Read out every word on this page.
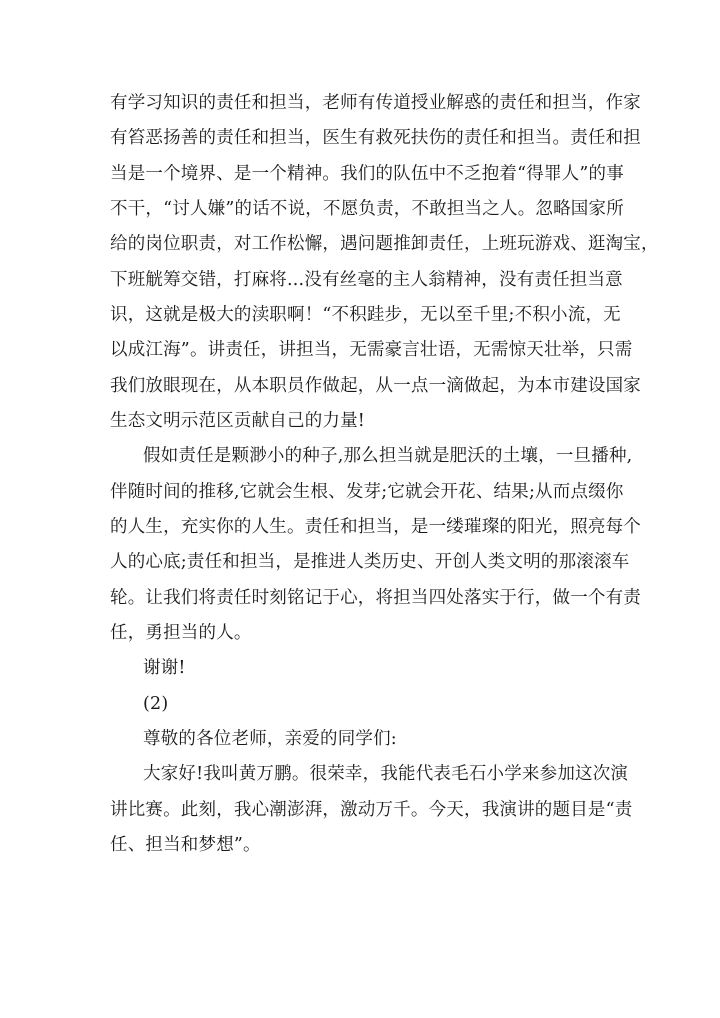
有学习知识的责任和担当，老师有传道授业解惑的责任和担当，作家
有笞恶扬善的责任和担当，医生有救死扶伤的责任和担当。责任和担
当是一个境界、是一个精神。我们的队伍中不乏抱着“得罪人”的事
不干，“讨人嫌”的话不说，不愿负责，不敢担当之人。忽略国家所
给的岗位职责，对工作松懈，遇问题推卸责任，上班玩游戏、逛淘宝，
下班觥筹交错，打麻将...没有丝毫的主人翁精神，没有责任担当意
识，这就是极大的渎职啊！“不积跬步，无以至千里;不积小流，无
以成江海”。讲责任，讲担当，无需豪言壮语，无需惊天壮举，只需
我们放眼现在，从本职员作做起，从一点一滴做起，为本市建设国家
生态文明示范区贡献自己的力量!
假如责任是颗渺小的种子,那么担当就是肥沃的土壤，一旦播种,
伴随时间的推移,它就会生根、发芽;它就会开花、结果;从而点缀你
的人生，充实你的人生。责任和担当，是一缕璀璨的阳光，照亮每个
人的心底;责任和担当，是推进人类历史、开创人类文明的那滚滚车
轮。让我们将责任时刻铭记于心，将担当四处落实于行，做一个有责
任，勇担当的人。
谢谢!
(2)
尊敬的各位老师，亲爱的同学们:
大家好!我叫黄万鹏。很荣幸，我能代表毛石小学来参加这次演
讲比赛。此刻，我心潮澎湃，激动万千。今天，我演讲的题目是“责
任、担当和梦想”。
